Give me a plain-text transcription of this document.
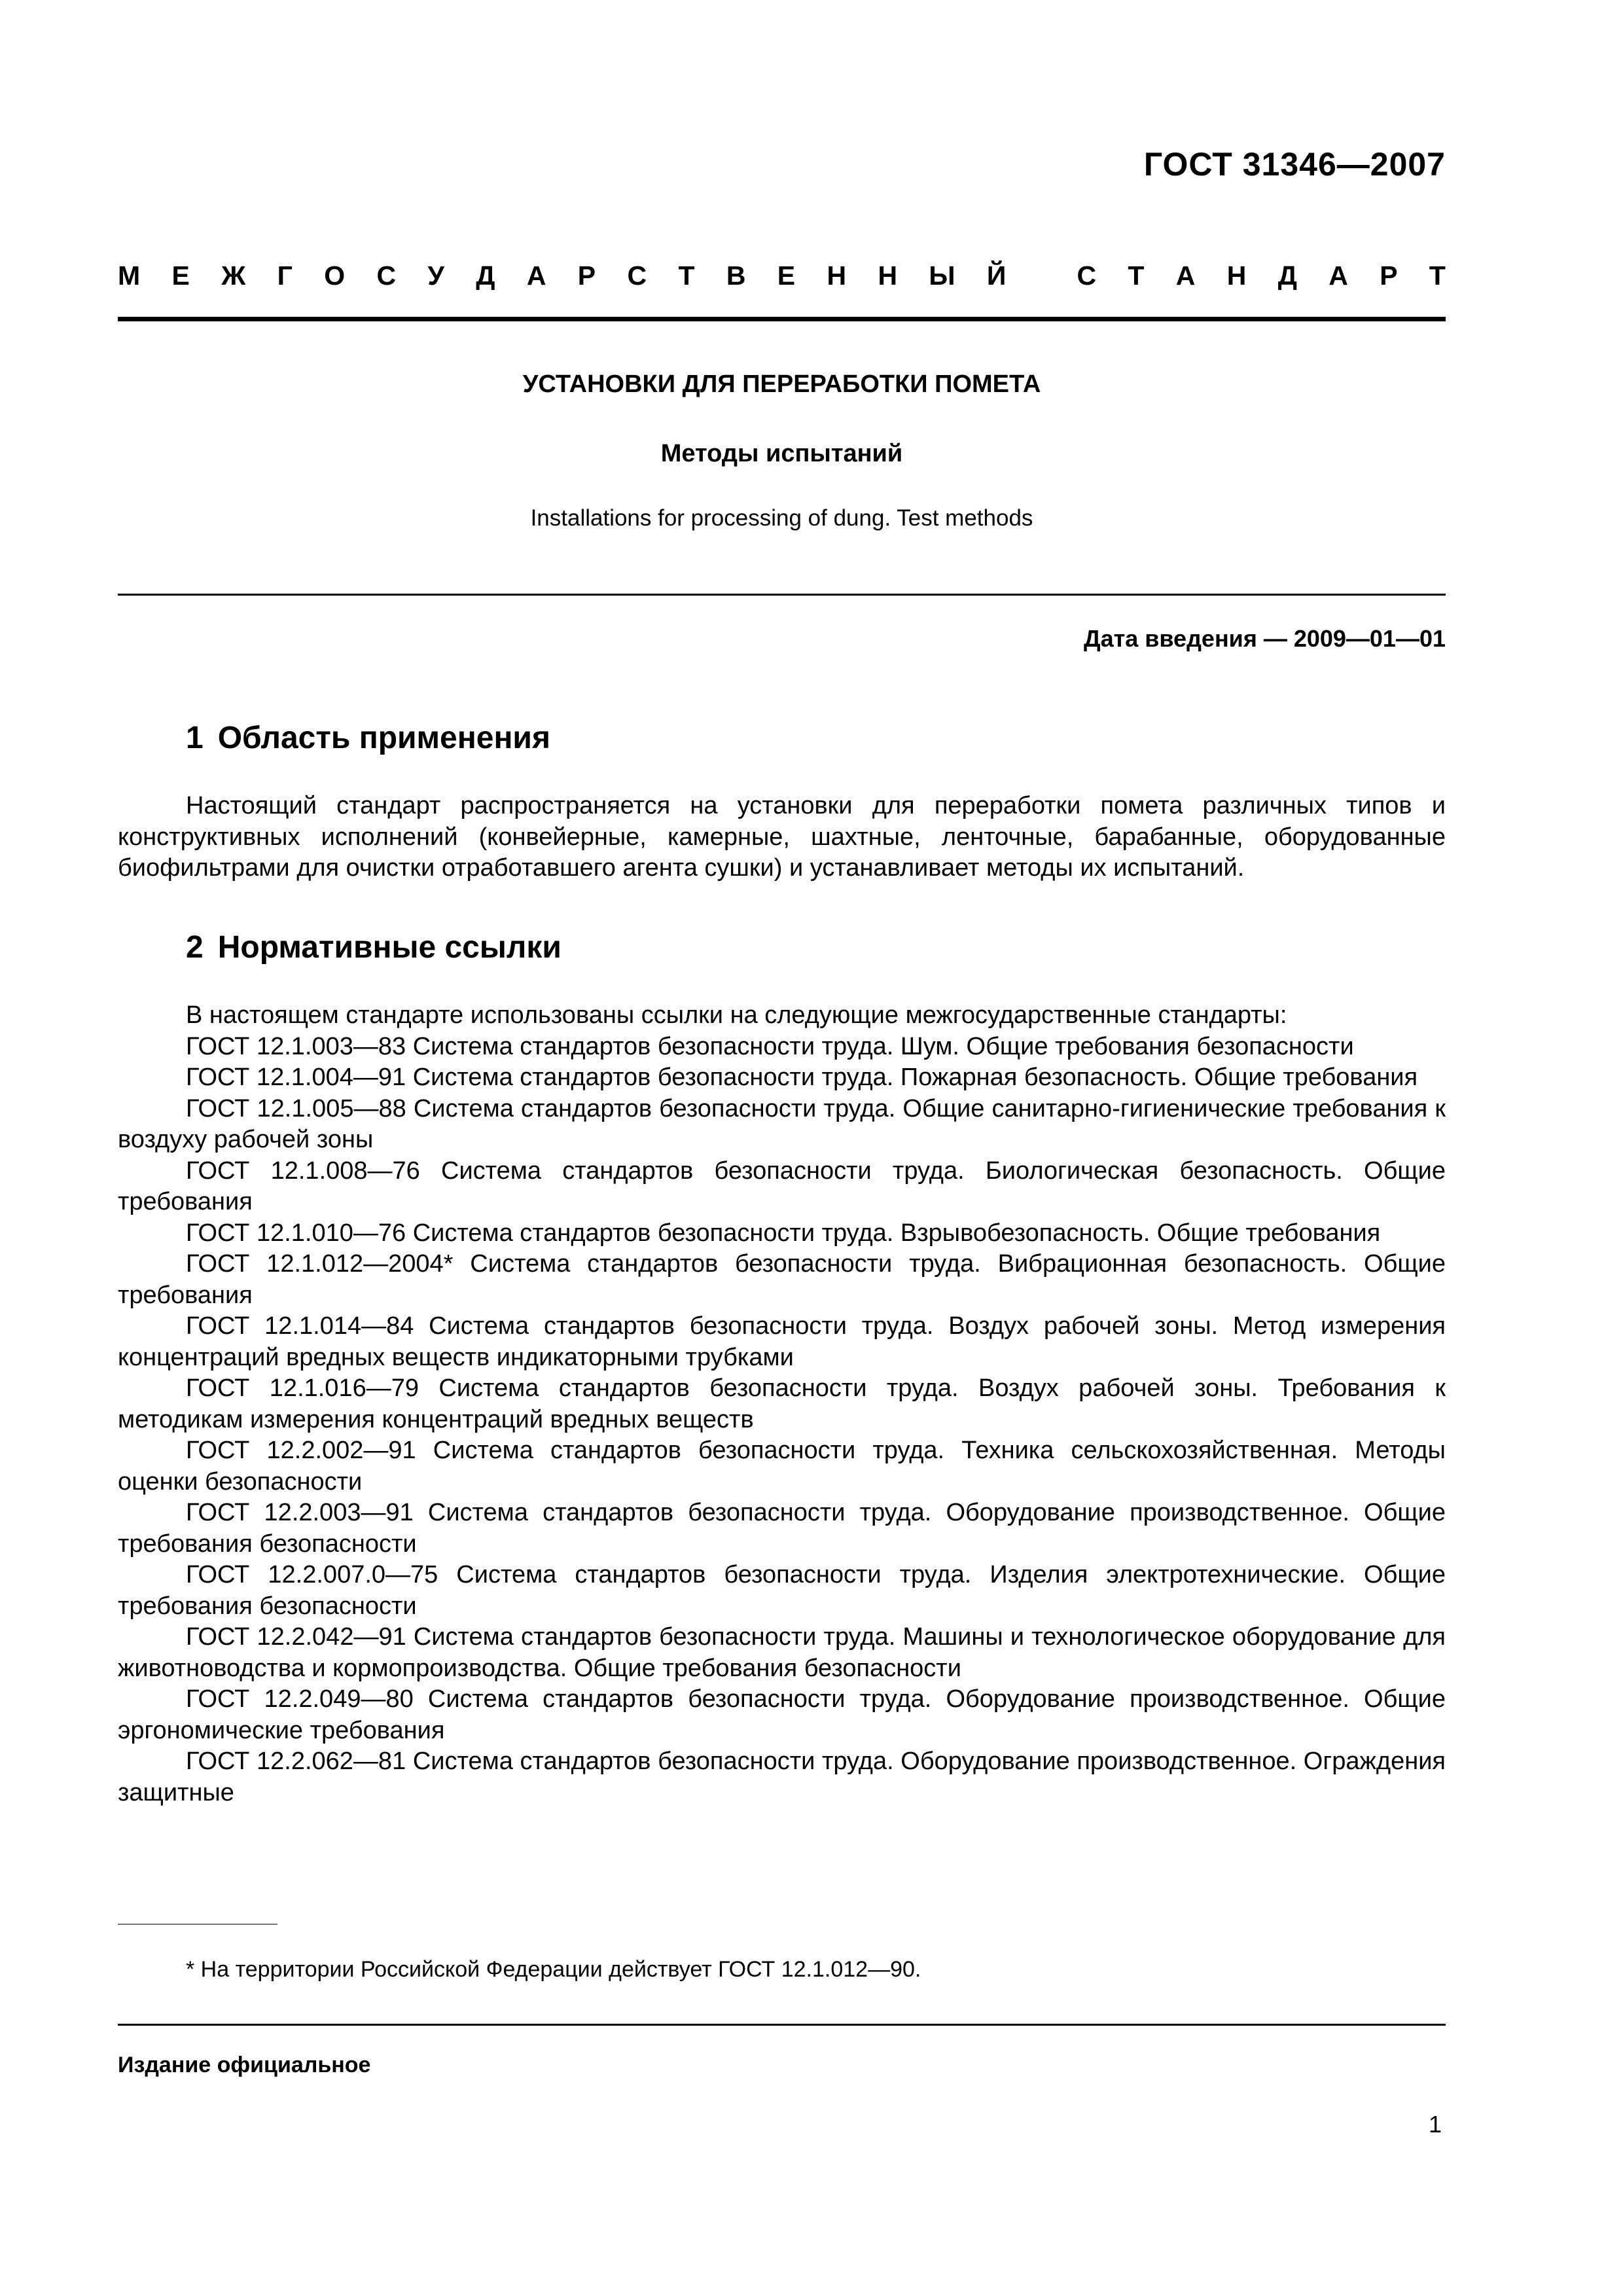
ГОСТ 31346—2007
М Е Ж Г О С У Д А Р С Т В Е Н Н Ы Й
	С Т А Н Д А Р Т
УСТАНОВКИ ДЛЯ ПЕРЕРАБОТКИ ПОМЕТА
Методы испытаний
Installations for processing of dung. Test methods
Дата введения — 2009—01—01
1 Область применения

Настоящий стандарт распространяется на установки для переработки помета различных типов и конструктивных исполнений (конвейерные, камерные, шахтные, ленточные, барабанные, оборудованные биофильтрами для очистки отработавшего агента сушки) и устанавливает методы их испытаний.

2 Нормативные ссылки

В настоящем стандарте использованы ссылки на следующие межгосударственные стандарты:

ГОСТ 12.1.003—83 Система стандартов безопасности труда. Шум. Общие требования безопасности

ГОСТ 12.1.004—91 Система стандартов безопасности труда. Пожарная безопасность. Общие требования

ГОСТ 12.1.005—88 Система стандартов безопасности труда. Общие санитарно-гигиенические требования к воздуху рабочей зоны

ГОСТ 12.1.008—76 Система стандартов безопасности труда. Биологическая безопасность. Общие требования

ГОСТ 12.1.010—76 Система стандартов безопасности труда. Взрывобезопасность. Общие требования

ГОСТ 12.1.012—2004* Система стандартов безопасности труда. Вибрационная безопасность. Общие требования

ГОСТ 12.1.014—84 Система стандартов безопасности труда. Воздух рабочей зоны. Метод измерения концентраций вредных веществ индикаторными трубками

ГОСТ 12.1.016—79 Система стандартов безопасности труда. Воздух рабочей зоны. Требования к методикам измерения концентраций вредных веществ

ГОСТ 12.2.002—91 Система стандартов безопасности труда. Техника сельскохозяйственная. Методы оценки безопасности

ГОСТ 12.2.003—91 Система стандартов безопасности труда. Оборудование производственное. Общие требования безопасности

ГОСТ 12.2.007.0—75 Система стандартов безопасности труда. Изделия электротехнические. Общие требования безопасности

ГОСТ 12.2.042—91 Система стандартов безопасности труда. Машины и технологическое оборудование для животноводства и кормопроизводства. Общие требования безопасности

ГОСТ 12.2.049—80 Система стандартов безопасности труда. Оборудование производственное. Общие эргономические требования

ГОСТ 12.2.062—81 Система стандартов безопасности труда. Оборудование производственное. Ограждения защитные

* На территории Российской Федерации действует ГОСТ 12.1.012—90.
Издание официальное
1
